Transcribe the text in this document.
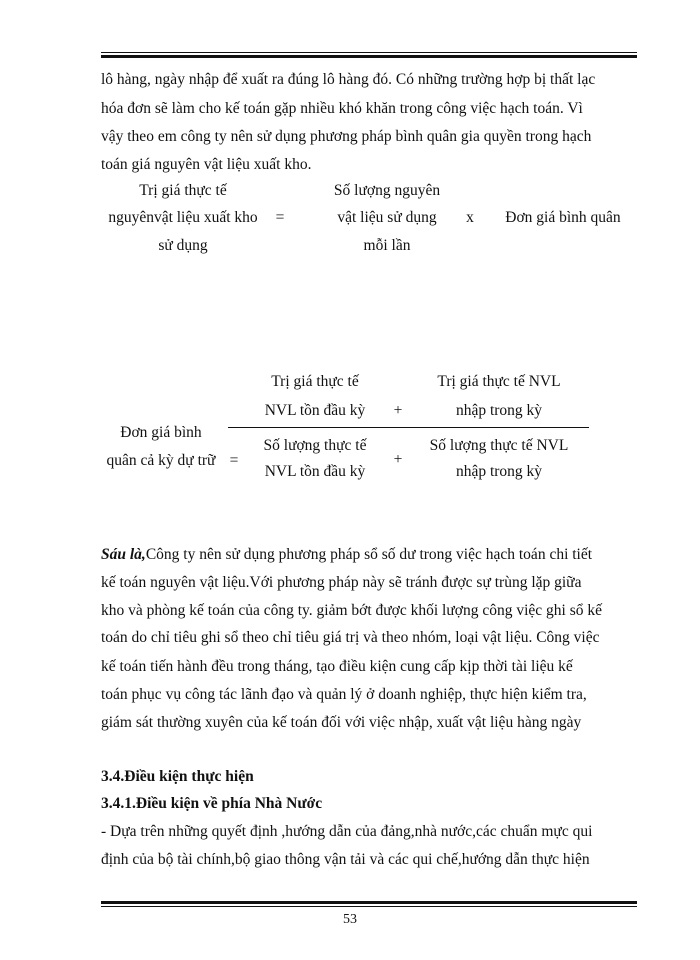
lô hàng, ngày nhập để xuất ra đúng lô hàng đó. Có những trường hợp bị thất lạc
hóa đơn sẽ làm cho kế toán gặp nhiều khó khăn trong công việc hạch toán. Vì
vậy theo em công ty nên sử dụng phương pháp bình quân gia quyền trong hạch
toán giá nguyên vật liệu xuất kho.
Trị giá thực tế
nguyênvật liệu xuất kho
sử dụng
=
Số lượng nguyên
vật liệu sử dụng
mỗi lần
x	Đơn giá bình quân
Đơn giá bình
quân cả kỳ dự trữ =
Trị giá thực tế
NVL tồn đầu kỳ	+
Trị giá thực tế NVL
nhập trong kỳ
Số lượng thực tế
NVL tồn đầu kỳ
+
Số lượng thực tế NVL
nhập trong kỳ
Sáu là,Công ty nên sử dụng phương pháp sổ số dư trong việc hạch toán chi tiết
kế toán nguyên vật liệu.Với phương pháp này sẽ tránh được sự trùng lặp giữa
kho và phòng kế toán của công ty. giảm bớt được khối lượng công việc ghi sổ kế
toán do chỉ tiêu ghi sổ theo chỉ tiêu giá trị và theo nhóm, loại vật liệu. Công việc
kế toán tiến hành đều trong tháng, tạo điều kiện cung cấp kịp thời tài liệu kế
toán phục vụ công tác lãnh đạo và quản lý ở doanh nghiệp, thực hiện kiểm tra,
giám sát thường xuyên của kế toán đối với việc nhập, xuất vật liệu hàng ngày
3.4.Điều kiện thực hiện
3.4.1.Điều kiện về phía Nhà Nước
- Dựa trên những quyết định ,hướng dẫn của đảng,nhà nước,các chuẩn mực qui
định của bộ tài chính,bộ giao thông vận tải và các qui chế,hướng dẫn thực hiện
53
